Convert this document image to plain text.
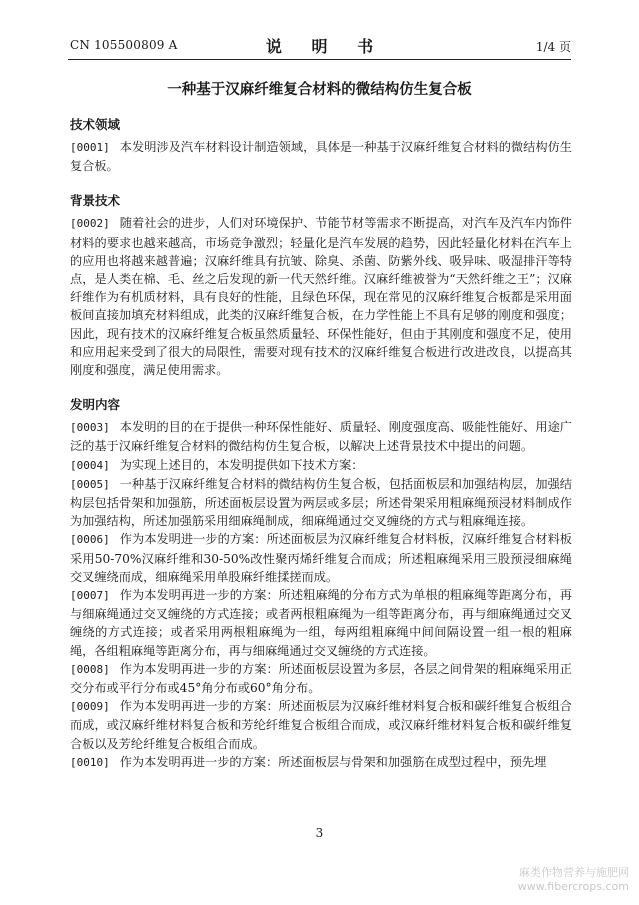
CN 105500809 A	说 明 书	1/4 页
一种基于汉麻纤维复合材料的微结构仿生复合板
技术领域

[0001] 本发明涉及汽车材料设计制造领域，具体是一种基于汉麻纤维复合材料的微结构仿生复合板。

背景技术

[0002] 随着社会的进步，人们对环境保护、节能节材等需求不断提高，对汽车及汽车内饰件材料的要求也越来越高，市场竞争激烈；轻量化是汽车发展的趋势，因此轻量化材料在汽车上的应用也将越来越普遍；汉麻纤维具有抗皱、除臭、杀菌、防紫外线、吸异味、吸湿排汗等特点，是人类在棉、毛、丝之后发现的新一代天然纤维。汉麻纤维被誉为“天然纤维之王”；汉麻纤维作为有机质材料，具有良好的性能，且绿色环保，现在常见的汉麻纤维复合板都是采用面板间直接加填充材料组成，此类的汉麻纤维复合板，在力学性能上不具有足够的刚度和强度；因此，现有技术的汉麻纤维复合板虽然质量轻、环保性能好，但由于其刚度和强度不足，使用和应用起来受到了很大的局限性，需要对现有技术的汉麻纤维复合板进行改进改良，以提高其刚度和强度，满足使用需求。

发明内容

[0003] 本发明的目的在于提供一种环保性能好、质量轻、刚度强度高、吸能性能好、用途广泛的基于汉麻纤维复合材料的微结构仿生复合板，以解决上述背景技术中提出的问题。

[0004] 为实现上述目的，本发明提供如下技术方案：

[0005] 一种基于汉麻纤维复合材料的微结构仿生复合板，包括面板层和加强结构层，加强结构层包括骨架和加强筋，所述面板层设置为两层或多层；所述骨架采用粗麻绳预浸材料制成作为加强结构，所述加强筋采用细麻绳制成，细麻绳通过交叉缠绕的方式与粗麻绳连接。

[0006] 作为本发明进一步的方案：所述面板层为汉麻纤维复合材料板，汉麻纤维复合材料板采用50-70%汉麻纤维和30-50%改性聚丙烯纤维复合而成；所述粗麻绳采用三股预浸细麻绳交叉缠绕而成，细麻绳采用单股麻纤维揉搓而成。

[0007] 作为本发明再进一步的方案：所述粗麻绳的分布方式为单根的粗麻绳等距离分布，再与细麻绳通过交叉缠绕的方式连接；或者两根粗麻绳为一组等距离分布，再与细麻绳通过交叉缠绕的方式连接；或者采用两根粗麻绳为一组，每两组粗麻绳中间间隔设置一组一根的粗麻绳，各组粗麻绳等距离分布，再与细麻绳通过交叉缠绕的方式连接。

[0008] 作为本发明再进一步的方案：所述面板层设置为多层，各层之间骨架的粗麻绳采用正交分布或平行分布或45°角分布或60°角分布。

[0009] 作为本发明再进一步的方案：所述面板层为汉麻纤维材料复合板和碳纤维复合板组合而成，或汉麻纤维材料复合板和芳纶纤维复合板组合而成，或汉麻纤维材料复合板和碳纤维复合板以及芳纶纤维复合板组合而成。

[0010] 作为本发明再进一步的方案：所述面板层与骨架和加强筋在成型过程中，预先埋

3
麻类作物营养与施肥网
www.fibercrops.com
